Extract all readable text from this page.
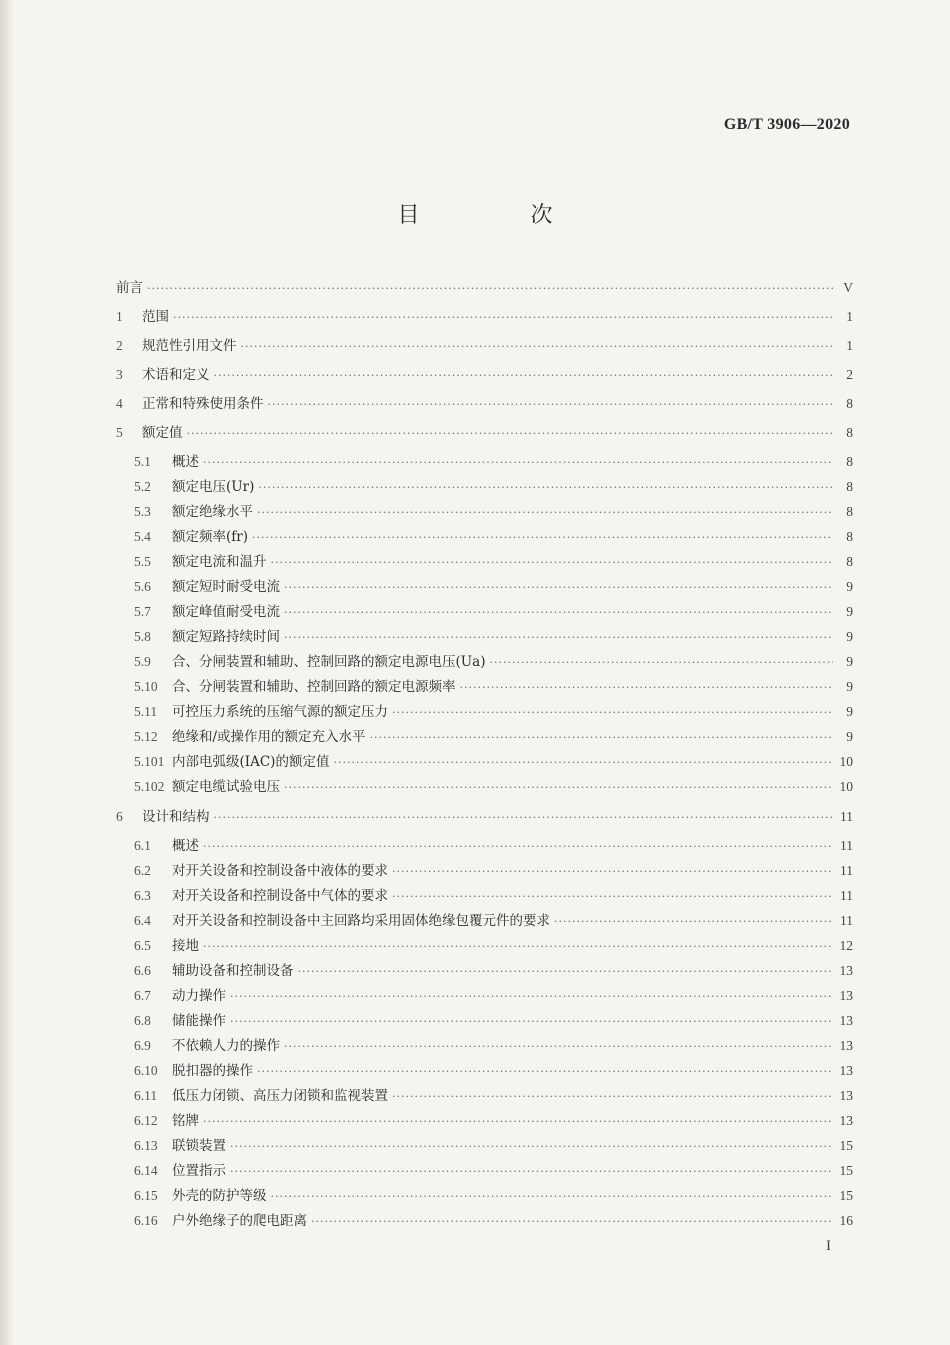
GB/T 3906—2020
目 次
前言 ·····	V
1	范围 ·····	1
2	规范性引用文件 ·····	1
3	术语和定义 ·····	2
4	正常和特殊使用条件 ·····	8
5	额定值 ·····	8
5.1	概述 ·····	8
5.2	额定电压(Ur) ·····	8
5.3	额定绝缘水平 ·····	8
5.4	额定频率(fr) ·····	8
5.5	额定电流和温升 ·····	8
5.6	额定短时耐受电流 ·····	9
5.7	额定峰值耐受电流 ·····	9
5.8	额定短路持续时间 ·····	9
5.9	合、分闸装置和辅助、控制回路的额定电源电压(Ua) ·····	9
5.10 合、分闸装置和辅助、控制回路的额定电源频率 ·····	9
5.11 可控压力系统的压缩气源的额定压力 ·····	9
5.12 绝缘和/或操作用的额定充入水平 ·····	9
5.101 内部电弧级(IAC)的额定值 ·····	10
5.102 额定电缆试验电压 ·····	10
6	设计和结构 ·····	11
6.1	概述 ·····	11
6.2	对开关设备和控制设备中液体的要求 ·····	11
6.3	对开关设备和控制设备中气体的要求 ·····	11
6.4	对开关设备和控制设备中主回路均采用固体绝缘包覆元件的要求 ·····	11
6.5	接地 ·····	12
6.6	辅助设备和控制设备 ·····	13
6.7	动力操作 ·····	13
6.8	储能操作 ·····	13
6.9	不依赖人力的操作 ·····	13
6.10 脱扣器的操作 ·····	13
6.11 低压力闭锁、高压力闭锁和监视装置 ·····	13
6.12 铭牌 ·····	13
6.13 联锁装置 ·····	15
6.14 位置指示 ·····	15
6.15 外壳的防护等级 ·····	15
6.16 户外绝缘子的爬电距离 ·····	16
I
